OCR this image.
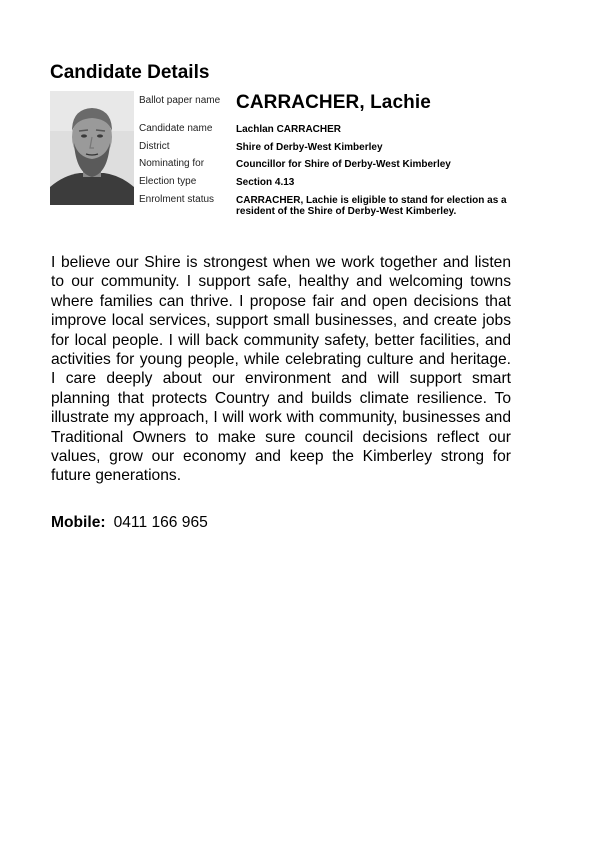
Candidate Details
Ballot paper name CARRACHER, Lachie
Candidate name	Lachlan CARRACHER
District	Shire of Derby-West Kimberley
Nominating for	Councillor for Shire of Derby-West Kimberley
Election type	Section 4.13
Enrolment status	CARRACHER, Lachie is eligible to stand for election as a resident of the Shire of Derby-West Kimberley.

I believe our Shire is strongest when we work together and listen to our community. I support safe, healthy and welcoming towns where families can thrive. I propose fair and open decisions that improve local services, support small businesses, and create jobs for local people. I will back community safety, better facilities, and activities for young people, while celebrating culture and heritage. I care deeply about our environment and will support smart planning that protects Country and builds climate resilience. To illustrate my approach, I will work with community, businesses and Traditional Owners to make sure council decisions reflect our values, grow our economy and keep the Kimberley strong for future generations.

Mobile: 0411 166 965
